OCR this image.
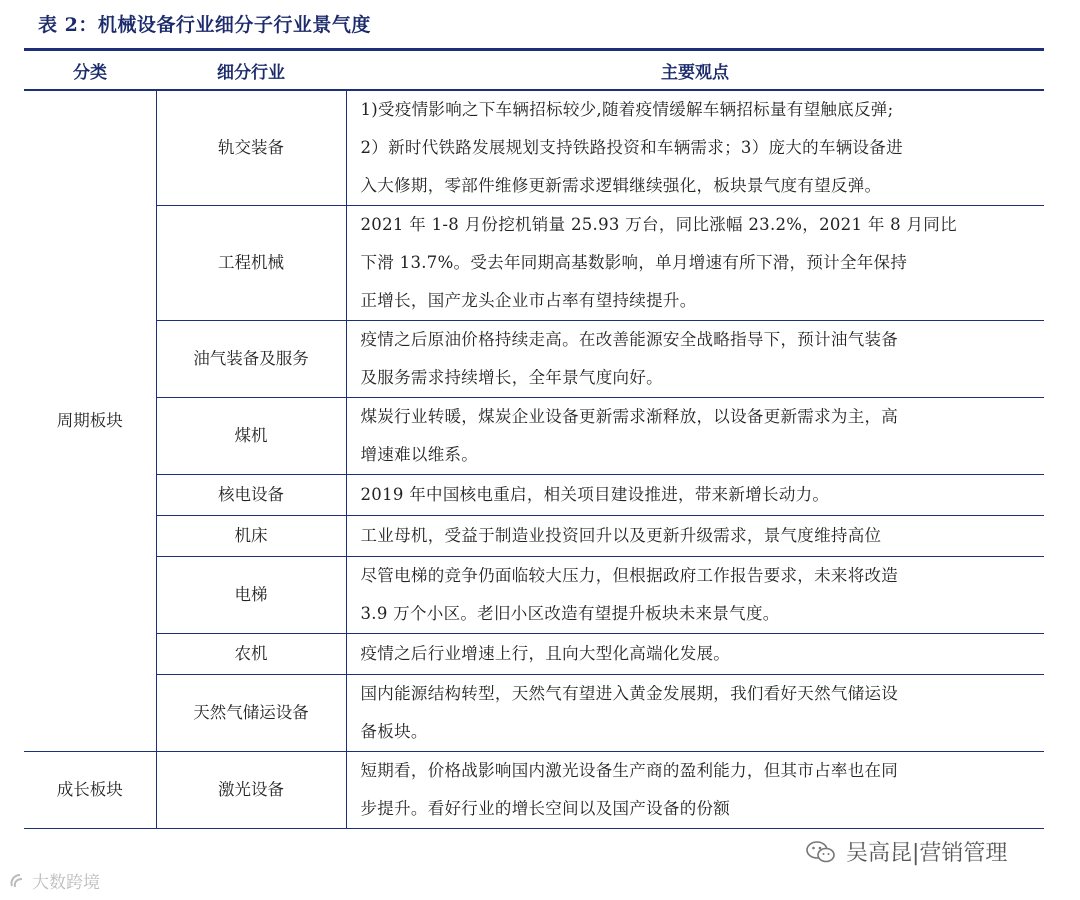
表 2：机械设备行业细分子行业景气度
分类	细分行业	主要观点
周期板块	轨交装备	1)受疫情影响之下车辆招标较少,随着疫情缓解车辆招标量有望触底反弹;
2）新时代铁路发展规划支持铁路投资和车辆需求；3）庞大的车辆设备进
入大修期，零部件维修更新需求逻辑继续强化，板块景气度有望反弹。

	工程机械	2021 年 1-8 月份挖机销量 25.93 万台，同比涨幅 23.2%，2021 年 8 月同比
下滑 13.7%。受去年同期高基数影响，单月增速有所下滑，预计全年保持
正增长，国产龙头企业市占率有望持续提升。

	油气装备及服务	疫情之后原油价格持续走高。在改善能源安全战略指导下，预计油气装备
及服务需求持续增长，全年景气度向好。

	煤机	煤炭行业转暖，煤炭企业设备更新需求渐释放，以设备更新需求为主，高
增速难以维系。

	核电设备	2019 年中国核电重启，相关项目建设推进，带来新增长动力。

	机床	工业母机，受益于制造业投资回升以及更新升级需求，景气度维持高位

	电梯	尽管电梯的竞争仍面临较大压力，但根据政府工作报告要求，未来将改造
3.9 万个小区。老旧小区改造有望提升板块未来景气度。

	农机	疫情之后行业增速上行，且向大型化高端化发展。

	天然气储运设备	国内能源结构转型，天然气有望进入黄金发展期，我们看好天然气储运设
备板块。

成长板块	激光设备	短期看，价格战影响国内激光设备生产商的盈利能力，但其市占率也在同
步提升。看好行业的增长空间以及国产设备的份额
大数跨境
吴高昆|营销管理
